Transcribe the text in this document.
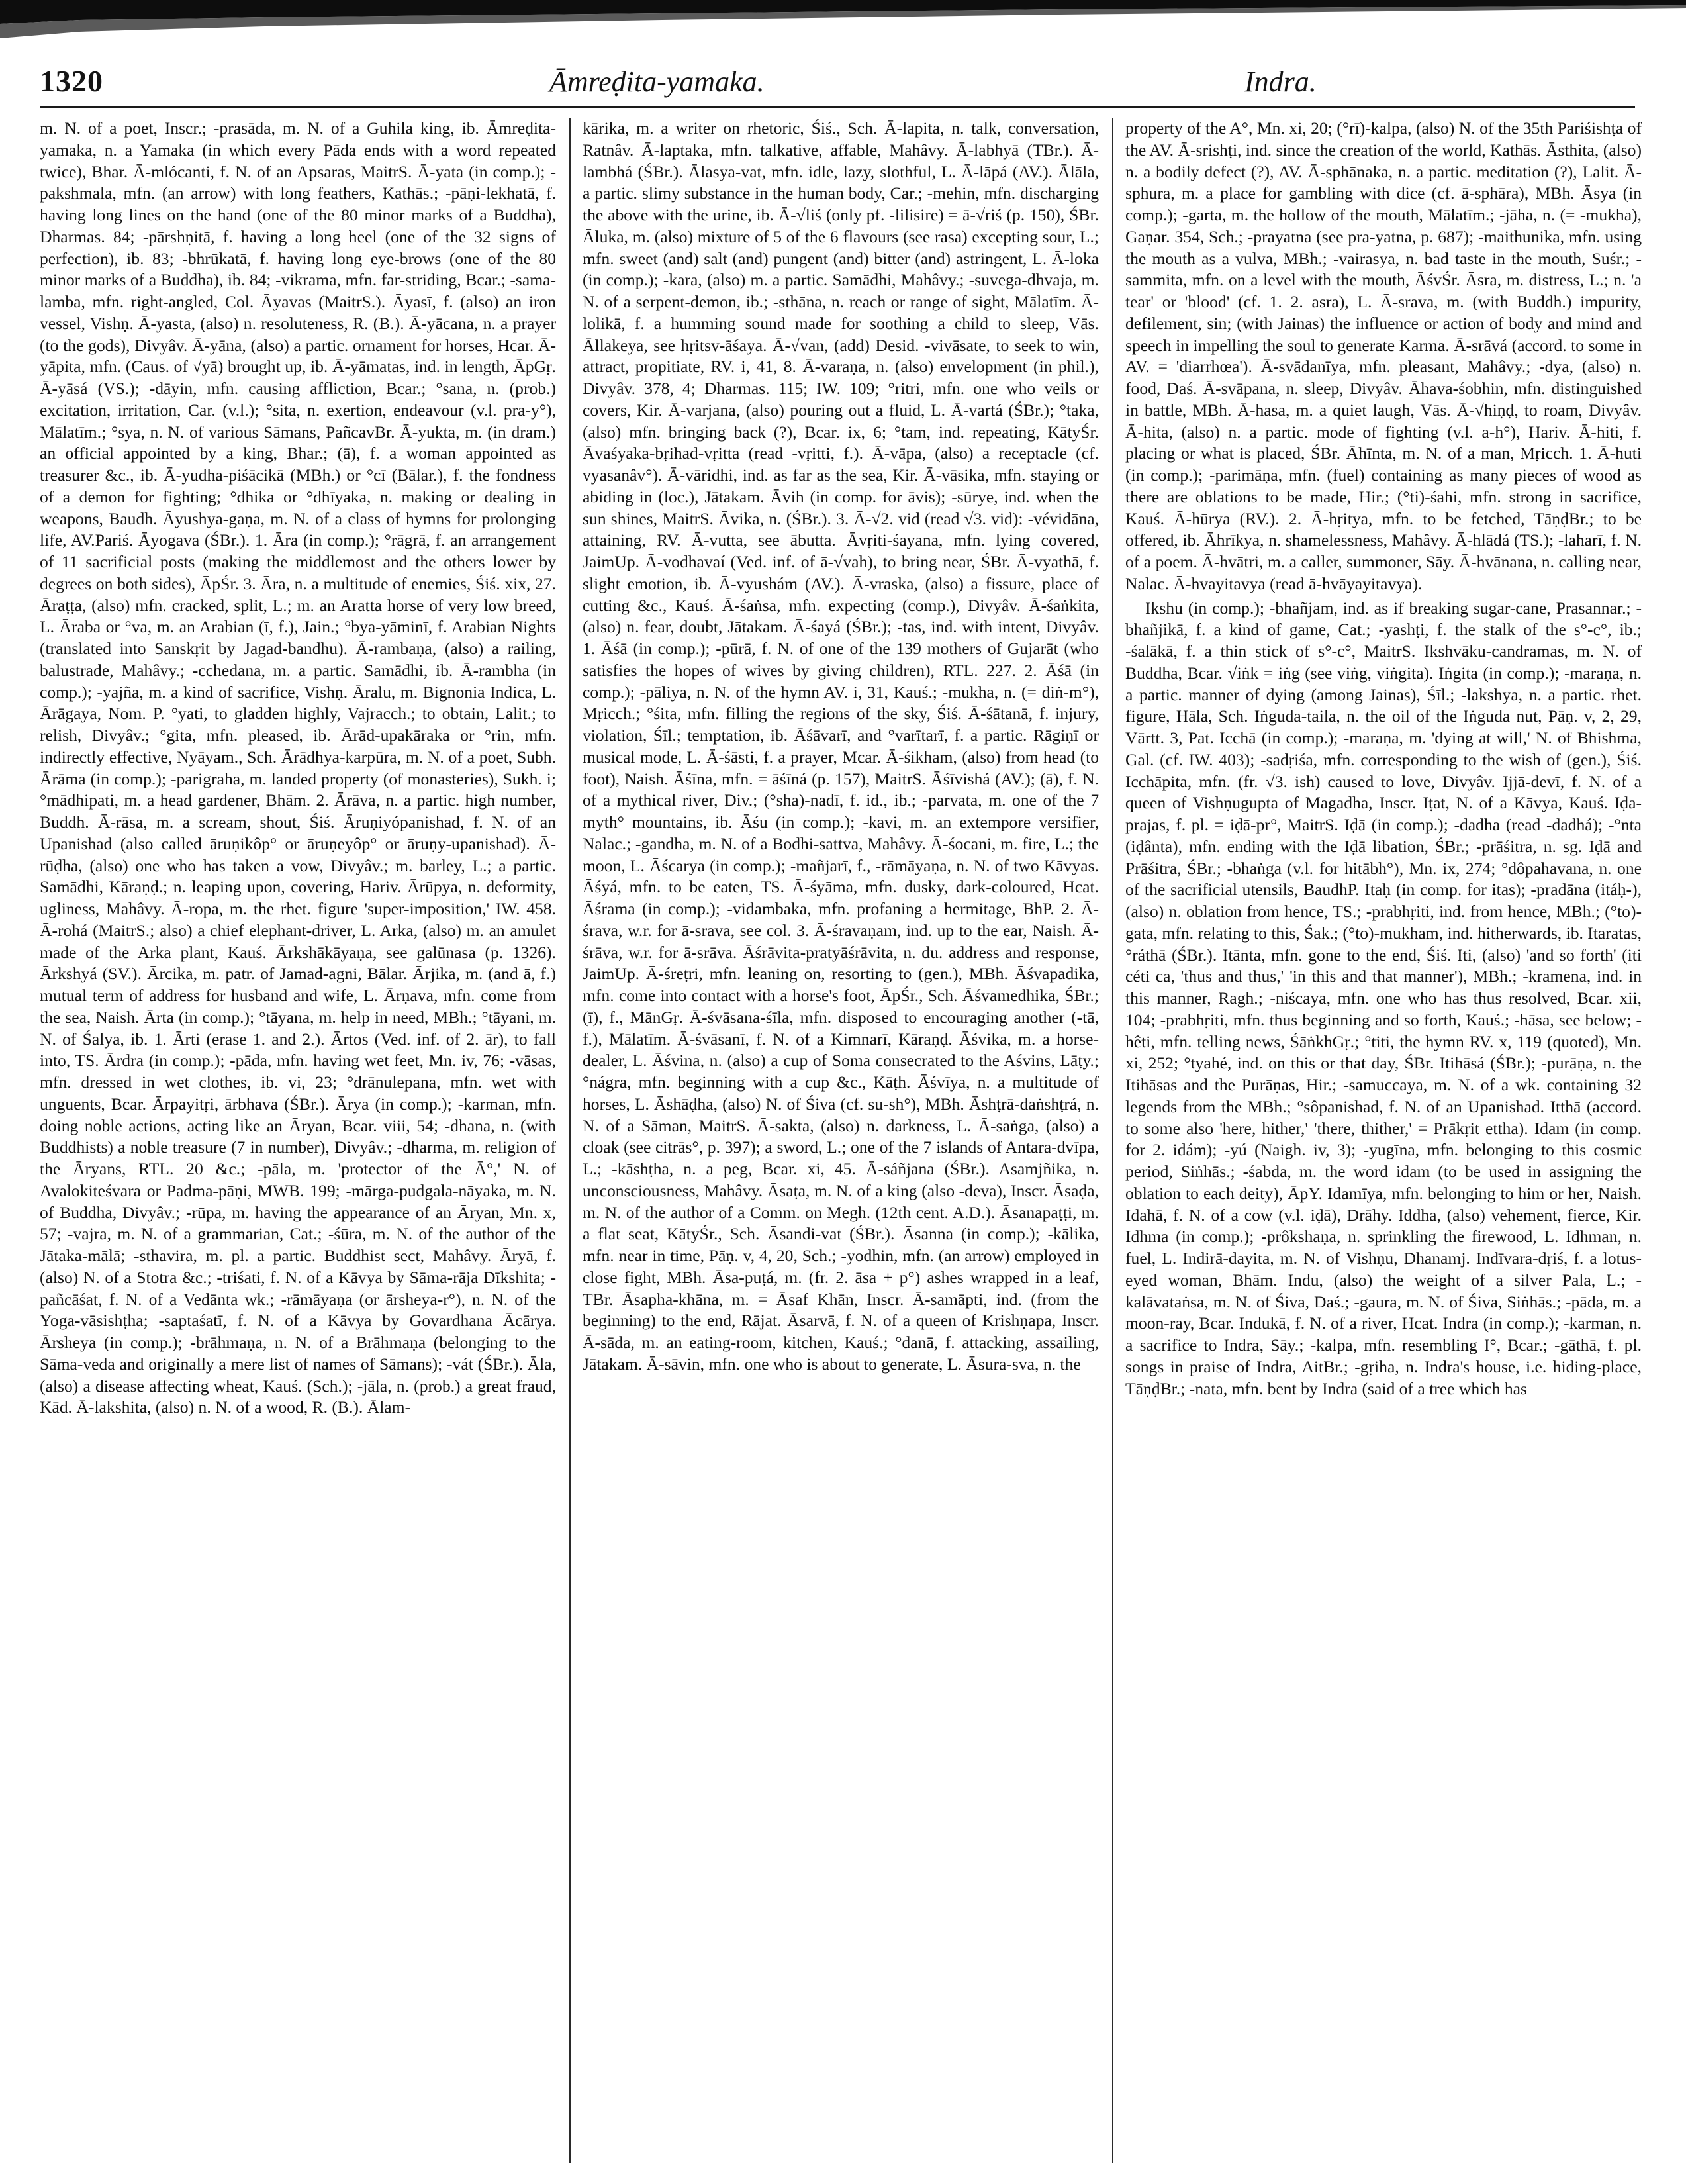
1320	Āmreḍita-yamaka.	Indra.

m. N. of a poet, Inscr.; -prasāda, m. N. of a Guhila king, ib. Āmreḍita-yamaka, n. a Yamaka (in which every Pāda ends with a word repeated twice), Bhar. Ā-mlócanti, f. N. of an Apsaras, MaitrS. Ā-yata (in comp.); -pakshmala, mfn. (an arrow) with long feathers, Kathās.; -pāṇi-lekhatā, f. having long lines on the hand (one of the 80 minor marks of a Buddha), Dharmas. 84; -pārshṇitā, f. having a long heel (one of the 32 signs of perfection), ib. 83; -bhrūkatā, f. having long eye-brows (one of the 80 minor marks of a Buddha), ib. 84; -vikrama, mfn. far-striding, Bcar.; -sama-lamba, mfn. right-angled, Col. Āyavas (MaitrS.). Āyasī, f. (also) an iron vessel, Vishṇ. Ā-yasta, (also) n. resoluteness, R. (B.). Ā-yācana, n. a prayer (to the gods), Divyâv. Ā-yāna, (also) a partic. ornament for horses, Hcar. Ā-yāpita, mfn. (Caus. of √yā) brought up, ib. Ā-yāmatas, ind. in length, ĀpGṛ. Ā-yāsá (VS.); -dāyin, mfn. causing affliction, Bcar.; °sana, n. (prob.) excitation, irritation, Car. (v.l.); °sita, n. exertion, endeavour (v.l. pra-y°), Mālatīm.; °sya, n. N. of various Sāmans, PañcavBr. Ā-yukta, m. (in dram.) an official appointed by a king, Bhar.; (ā), f. a woman appointed as treasurer &c., ib. Ā-yudha-piśācikā (MBh.) or °cī (Bālar.), f. the fondness of a demon for fighting; °dhika or °dhīyaka, n. making or dealing in weapons, Baudh. Āyushya-gaṇa, m. N. of a class of hymns for prolonging life, AV.Pariś. Āyogava (ŚBr.). 1. Āra (in comp.); °rāgrā, f. an arrangement of 11 sacrificial posts (making the middlemost and the others lower by degrees on both sides), ĀpŚr. 3. Āra, n. a multitude of enemies, Śiś. xix, 27. Āraṭṭa, (also) mfn. cracked, split, L.; m. an Aratta horse of very low breed, L. Āraba or °va, m. an Arabian (ī, f.), Jain.; °bya-yāminī, f. Arabian Nights (translated into Sanskṛit by Jagad-bandhu). Ā-rambaṇa, (also) a railing, balustrade, Mahâvy.; -cchedana, m. a partic. Samādhi, ib. Ā-rambha (in comp.); -yajña, m. a kind of sacrifice, Vishṇ. Āralu, m. Bignonia Indica, L. Ārāgaya, Nom. P. °yati, to gladden highly, Vajracch.; to obtain, Lalit.; to relish, Divyâv.; °gita, mfn. pleased, ib. Ārād-upakāraka or °rin, mfn. indirectly effective, Nyāyam., Sch. Ārādhya-karpūra, m. N. of a poet, Subh. Ārāma (in comp.); -parigraha, m. landed property (of monasteries), Sukh. i; °mādhipati, m. a head gardener, Bhām. 2. Ārāva, n. a partic. high number, Buddh. Ā-rāsa, m. a scream, shout, Śiś. Āruṇiyópanishad, f. N. of an Upanishad (also called āruṇikôp° or āruṇeyôp° or āruṇy-upanishad). Ā-rūḍha, (also) one who has taken a vow, Divyâv.; m. barley, L.; a partic. Samādhi, Kāraṇḍ.; n. leaping upon, covering, Hariv. Ārūpya, n. deformity, ugliness, Mahâvy. Ā-ropa, m. the rhet. figure 'super-imposition,' IW. 458. Ā-rohá (MaitrS.; also) a chief elephant-driver, L. Arka, (also) m. an amulet made of the Arka plant, Kauś. Ārkshākāyaṇa, see galūnasa (p. 1326). Ārkshyá (SV.). Ārcika, m. patr. of Jamad-agni, Bālar. Ārjika, m. (and ā, f.) mutual term of address for husband and wife, L. Ārṇava, mfn. come from the sea, Naish. Ārta (in comp.); °tāyana, m. help in need, MBh.; °tāyani, m. N. of Śalya, ib. 1. Ārti (erase 1. and 2.). Ārtos (Ved. inf. of 2. ār), to fall into, TS. Ārdra (in comp.); -pāda, mfn. having wet feet, Mn. iv, 76; -vāsas, mfn. dressed in wet clothes, ib. vi, 23; °drānulepana, mfn. wet with unguents, Bcar. Ārpayitṛi, ārbhava (ŚBr.). Ārya (in comp.); -karman, mfn. doing noble actions, acting like an Āryan, Bcar. viii, 54; -dhana, n. (with Buddhists) a noble treasure (7 in number), Divyâv.; -dharma, m. religion of the Āryans, RTL. 20 &c.; -pāla, m. 'protector of the Ā°,' N. of Avalokiteśvara or Padma-pāṇi, MWB. 199; -mārga-pudgala-nāyaka, m. N. of Buddha, Divyâv.; -rūpa, m. having the appearance of an Āryan, Mn. x, 57; -vajra, m. N. of a grammarian, Cat.; -śūra, m. N. of the author of the Jātaka-mālā; -sthavira, m. pl. a partic. Buddhist sect, Mahâvy. Āryā, f. (also) N. of a Stotra &c.; -triśati, f. N. of a Kāvya by Sāma-rāja Dīkshita; -pañcāśat, f. N. of a Vedānta wk.; -rāmāyaṇa (or ārsheya-r°), n. N. of the Yoga-vāsishṭha; -saptaśatī, f. N. of a Kāvya by Govardhana Ācārya. Ārsheya (in comp.); -brāhmaṇa, n. N. of a Brāhmaṇa (belonging to the Sāma-veda and originally a mere list of names of Sāmans); -vát (ŚBr.). Āla, (also) a disease affecting wheat, Kauś. (Sch.); -jāla, n. (prob.) a great fraud, Kād. Ā-lakshita, (also) n. N. of a wood, R. (B.). Ālam-

kārika, m. a writer on rhetoric, Śiś., Sch. Ā-lapita, n. talk, conversation, Ratnâv. Ā-laptaka, mfn. talkative, affable, Mahâvy. Ā-labhyā (TBr.). Ā-lambhá (ŚBr.). Ālasya-vat, mfn. idle, lazy, slothful, L. Ā-lāpá (AV.). Ālāla, a partic. slimy substance in the human body, Car.; -mehin, mfn. discharging the above with the urine, ib. Ā-√liś (only pf. -lilisire) = ā-√riś (p. 150), ŚBr. Āluka, m. (also) mixture of 5 of the 6 flavours (see rasa) excepting sour, L.; mfn. sweet (and) salt (and) pungent (and) bitter (and) astringent, L. Ā-loka (in comp.); -kara, (also) m. a partic. Samādhi, Mahâvy.; -suvega-dhvaja, m. N. of a serpent-demon, ib.; -sthāna, n. reach or range of sight, Mālatīm. Ā-lolikā, f. a humming sound made for soothing a child to sleep, Vās. Āllakeya, see hṛitsv-āśaya. Ā-√van, (add) Desid. -vivāsate, to seek to win, attract, propitiate, RV. i, 41, 8. Ā-varaṇa, n. (also) envelopment (in phil.), Divyâv. 378, 4; Dharmas. 115; IW. 109; °ritri, mfn. one who veils or covers, Kir. Ā-varjana, (also) pouring out a fluid, L. Ā-vartá (ŚBr.); °taka, (also) mfn. bringing back (?), Bcar. ix, 6; °tam, ind. repeating, KātyŚr. Āvaśyaka-bṛihad-vṛitta (read -vṛitti, f.). Ā-vāpa, (also) a receptacle (cf. vyasanâv°). Ā-vāridhi, ind. as far as the sea, Kir. Ā-vāsika, mfn. staying or abiding in (loc.), Jātakam. Āvih (in comp. for āvis); -sūrye, ind. when the sun shines, MaitrS. Āvika, n. (ŚBr.). 3. Ā-√2. vid (read √3. vid): -vévidāna, attaining, RV. Ā-vutta, see ābutta. Āvṛiti-śayana, mfn. lying covered, JaimUp. Ā-vodhavaí (Ved. inf. of ā-√vah), to bring near, ŚBr. Ā-vyathā, f. slight emotion, ib. Ā-vyushám (AV.). Ā-vraska, (also) a fissure, place of cutting &c., Kauś. Ā-śaṅsa, mfn. expecting (comp.), Divyâv. Ā-śaṅkita, (also) n. fear, doubt, Jātakam. Ā-śayá (ŚBr.); -tas, ind. with intent, Divyâv. 1. Āśā (in comp.); -pūrā, f. N. of one of the 139 mothers of Gujarāt (who satisfies the hopes of wives by giving children), RTL. 227. 2. Āśā (in comp.); -pāliya, n. N. of the hymn AV. i, 31, Kauś.; -mukha, n. (= diṅ-m°), Mṛicch.; °śita, mfn. filling the regions of the sky, Śiś. Ā-śātanā, f. injury, violation, Śīl.; temptation, ib. Āśāvarī, and °varītarī, f. a partic. Rāgiṇī or musical mode, L. Ā-śāsti, f. a prayer, Mcar. Ā-śikham, (also) from head (to foot), Naish. Āśīna, mfn. = āśīná (p. 157), MaitrS. Āśīvishá (AV.); (ā), f. N. of a mythical river, Div.; (°sha)-nadī, f. id., ib.; -parvata, m. one of the 7 myth° mountains, ib. Āśu (in comp.); -kavi, m. an extempore versifier, Nalac.; -gandha, m. N. of a Bodhi-sattva, Mahâvy. Ā-śocani, m. fire, L.; the moon, L. Āścarya (in comp.); -mañjarī, f., -rāmāyaṇa, n. N. of two Kāvyas. Āśyá, mfn. to be eaten, TS. Ā-śyāma, mfn. dusky, dark-coloured, Hcat. Āśrama (in comp.); -vidambaka, mfn. profaning a hermitage, BhP. 2. Ā-śrava, w.r. for ā-srava, see col. 3. Ā-śravaṇam, ind. up to the ear, Naish. Ā-śrāva, w.r. for ā-srāva. Āśrāvita-pratyāśrāvita, n. du. address and response, JaimUp. Ā-śreṭri, mfn. leaning on, resorting to (gen.), MBh. Āśvapadika, mfn. come into contact with a horse's foot, ĀpŚr., Sch. Āśvamedhika, ŚBr.; (ī), f., MānGṛ. Ā-śvāsana-śīla, mfn. disposed to encouraging another (-tā, f.), Mālatīm. Ā-śvāsanī, f. N. of a Kimnarī, Kāraṇḍ. Āśvika, m. a horse-dealer, L. Āśvina, n. (also) a cup of Soma consecrated to the Aśvins, Lāṭy.; °nágra, mfn. beginning with a cup &c., Kāṭh. Āśvīya, n. a multitude of horses, L. Āshāḍha, (also) N. of Śiva (cf. su-sh°), MBh. Āshṭrā-daṅshṭrá, n. N. of a Sāman, MaitrS. Ā-sakta, (also) n. darkness, L. Ā-saṅga, (also) a cloak (see citrās°, p. 397); a sword, L.; one of the 7 islands of Antara-dvīpa, L.; -kāshṭha, n. a peg, Bcar. xi, 45. Ā-sáñjana (ŚBr.). Asamjñika, n. unconsciousness, Mahâvy. Āsaṭa, m. N. of a king (also -deva), Inscr. Āsaḍa, m. N. of the author of a Comm. on Megh. (12th cent. A.D.). Āsanapaṭṭi, m. a flat seat, KātyŚr., Sch. Āsandi-vat (ŚBr.). Āsanna (in comp.); -kālika, mfn. near in time, Pāṇ. v, 4, 20, Sch.; -yodhin, mfn. (an arrow) employed in close fight, MBh. Āsa-puṭá, m. (fr. 2. āsa + p°) ashes wrapped in a leaf, TBr. Āsapha-khāna, m. = Āsaf Khān, Inscr. Ā-samāpti, ind. (from the beginning) to the end, Rājat. Āsarvā, f. N. of a queen of Krishṇapa, Inscr. Ā-sāda, m. an eating-room, kitchen, Kauś.; °danā, f. attacking, assailing, Jātakam. Ā-sāvin, mfn. one who is about to generate, L. Āsura-sva, n. the

property of the A°, Mn. xi, 20; (°rī)-kalpa, (also) N. of the 35th Pariśishṭa of the AV. Ā-srishṭi, ind. since the creation of the world, Kathās. Āsthita, (also) n. a bodily defect (?), AV. Ā-sphānaka, n. a partic. meditation (?), Lalit. Ā-sphura, m. a place for gambling with dice (cf. ā-sphāra), MBh. Āsya (in comp.); -garta, m. the hollow of the mouth, Mālatīm.; -jāha, n. (= -mukha), Gaṇar. 354, Sch.; -prayatna (see pra-yatna, p. 687); -maithunika, mfn. using the mouth as a vulva, MBh.; -vairasya, n. bad taste in the mouth, Suśr.; -sammita, mfn. on a level with the mouth, ĀśvŚr. Āsra, m. distress, L.; n. 'a tear' or 'blood' (cf. 1. 2. asra), L. Ā-srava, m. (with Buddh.) impurity, defilement, sin; (with Jainas) the influence or action of body and mind and speech in impelling the soul to generate Karma. Ā-srāvá (accord. to some in AV. = 'diarrhœa'). Ā-svādanīya, mfn. pleasant, Mahâvy.; -dya, (also) n. food, Daś. Ā-svāpana, n. sleep, Divyâv. Āhava-śobhin, mfn. distinguished in battle, MBh. Ā-hasa, m. a quiet laugh, Vās. Ā-√hiṇḍ, to roam, Divyâv. Ā-hita, (also) n. a partic. mode of fighting (v.l. a-h°), Hariv. Ā-hiti, f. placing or what is placed, ŚBr. Āhīnta, m. N. of a man, Mṛicch. 1. Ā-huti (in comp.); -parimāṇa, mfn. (fuel) containing as many pieces of wood as there are oblations to be made, Hir.; (°ti)-śahi, mfn. strong in sacrifice, Kauś. Ā-hūrya (RV.). 2. Ā-hṛitya, mfn. to be fetched, TāṇḍBr.; to be offered, ib. Āhrīkya, n. shamelessness, Mahâvy. Ā-hlādá (TS.); -laharī, f. N. of a poem. Ā-hvātri, m. a caller, summoner, Sāy. Ā-hvānana, n. calling near, Nalac. Ā-hvayitavya (read ā-hvāyayitavya).

Ikshu (in comp.); -bhañjam, ind. as if breaking sugar-cane, Prasannar.; -bhañjikā, f. a kind of game, Cat.; -yashṭi, f. the stalk of the s°-c°, ib.; -śalākā, f. a thin stick of s°-c°, MaitrS. Ikshvāku-candramas, m. N. of Buddha, Bcar. √iṅk = iṅg (see viṅg, viṅgita). Iṅgita (in comp.); -maraṇa, n. a partic. manner of dying (among Jainas), Śīl.; -lakshya, n. a partic. rhet. figure, Hāla, Sch. Iṅguda-taila, n. the oil of the Iṅguda nut, Pāṇ. v, 2, 29, Vārtt. 3, Pat. Icchā (in comp.); -maraṇa, m. 'dying at will,' N. of Bhishma, Gal. (cf. IW. 403); -sadṛiśa, mfn. corresponding to the wish of (gen.), Śiś. Icchāpita, mfn. (fr. √3. ish) caused to love, Divyâv. Ijjā-devī, f. N. of a queen of Vishṇugupta of Magadha, Inscr. Iṭat, N. of a Kāvya, Kauś. Iḍa-prajas, f. pl. = iḍā-pr°, MaitrS. Iḍā (in comp.); -dadha (read -dadhá); -°nta (iḍânta), mfn. ending with the Iḍā libation, ŚBr.; -prāśitra, n. sg. Iḍā and Prāśitra, ŚBr.; -bhaṅga (v.l. for hitābh°), Mn. ix, 274; °dôpahavana, n. one of the sacrificial utensils, BaudhP. Itaḥ (in comp. for itas); -pradāna (itáḥ-), (also) n. oblation from hence, TS.; -prabhṛiti, ind. from hence, MBh.; (°to)-gata, mfn. relating to this, Śak.; (°to)-mukham, ind. hitherwards, ib. Itaratas, °ráthā (ŚBr.). Itānta, mfn. gone to the end, Śiś. Iti, (also) 'and so forth' (iti céti ca, 'thus and thus,' 'in this and that manner'), MBh.; -kramena, ind. in this manner, Ragh.; -niścaya, mfn. one who has thus resolved, Bcar. xii, 104; -prabhṛiti, mfn. thus beginning and so forth, Kauś.; -hāsa, see below; -hêti, mfn. telling news, ŚāṅkhGṛ.; °titi, the hymn RV. x, 119 (quoted), Mn. xi, 252; °tyahé, ind. on this or that day, ŚBr. Itihāsá (ŚBr.); -purāṇa, n. the Itihāsas and the Purāṇas, Hir.; -samuccaya, m. N. of a wk. containing 32 legends from the MBh.; °sôpanishad, f. N. of an Upanishad. Itthā (accord. to some also 'here, hither,' 'there, thither,' = Prākṛit ettha). Idam (in comp. for 2. idám); -yú (Naigh. iv, 3); -yugīna, mfn. belonging to this cosmic period, Siṅhās.; -śabda, m. the word idam (to be used in assigning the oblation to each deity), ĀpY. Idamīya, mfn. belonging to him or her, Naish. Idahā, f. N. of a cow (v.l. iḍā), Drāhy. Iddha, (also) vehement, fierce, Kir. Idhma (in comp.); -prôkshaṇa, n. sprinkling the firewood, L. Idhman, n. fuel, L. Indirā-dayita, m. N. of Vishṇu, Dhanamj. Indīvara-dṛiś, f. a lotus-eyed woman, Bhām. Indu, (also) the weight of a silver Pala, L.; -kalāvataṅsa, m. N. of Śiva, Daś.; -gaura, m. N. of Śiva, Siṅhās.; -pāda, m. a moon-ray, Bcar. Indukā, f. N. of a river, Hcat. Indra (in comp.); -karman, n. a sacrifice to Indra, Sāy.; -kalpa, mfn. resembling I°, Bcar.; -gāthā, f. pl. songs in praise of Indra, AitBr.; -gṛiha, n. Indra's house, i.e. hiding-place, TāṇḍBr.; -nata, mfn. bent by Indra (said of a tree which has
